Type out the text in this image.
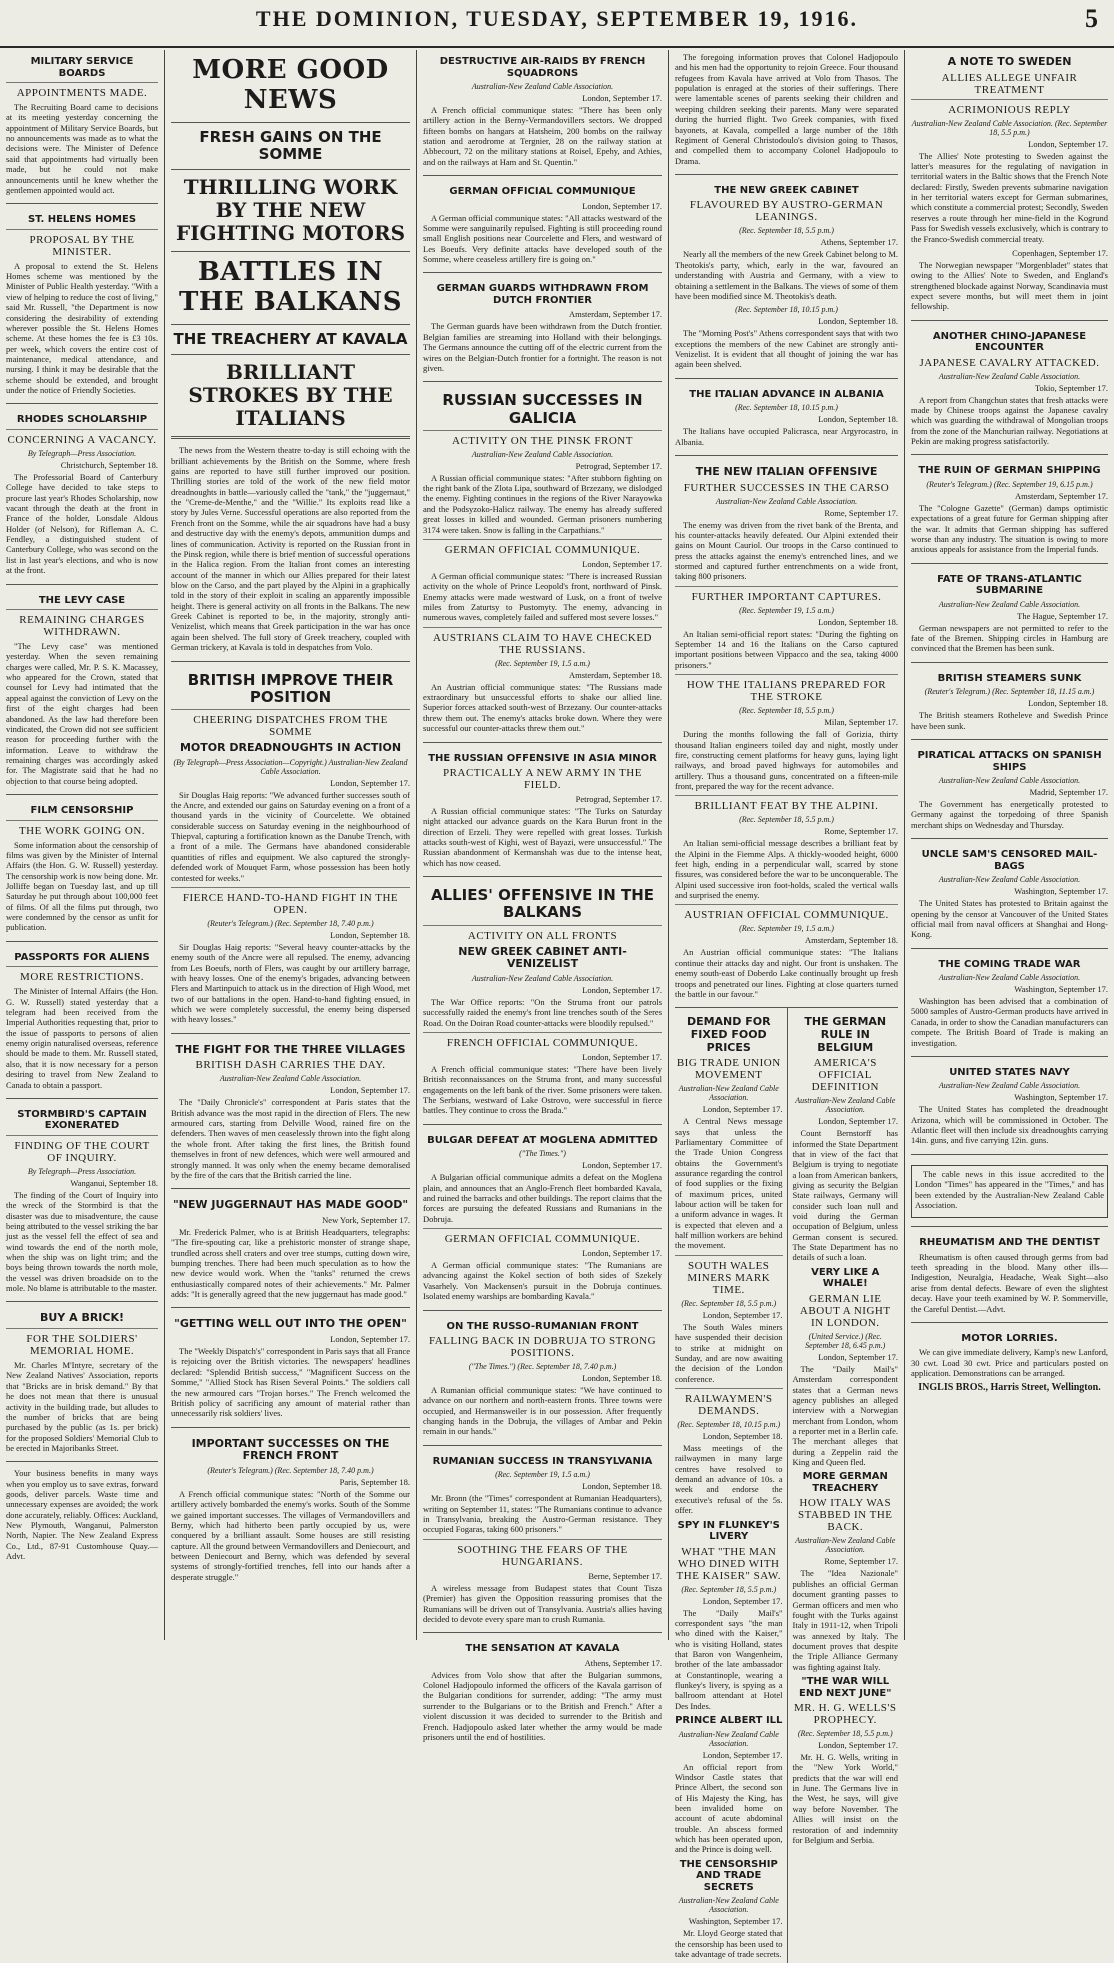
THE DOMINION, TUESDAY, SEPTEMBER 19, 1916.	5
MILITARY SERVICE BOARDS
APPOINTMENTS MADE.

The Recruiting Board came to decisions at its meeting yesterday concerning the appointment of Military Service Boards, but no announcements was made as to what the decisions were. The Minister of Defence said that appointments had virtually been made, but he could not make announcements until he knew whether the gentlemen appointed would act.

ST. HELENS HOMES
PROPOSAL BY THE MINISTER.

A proposal to extend the St. Helens Homes scheme was mentioned by the Minister of Public Health yesterday. "With a view of helping to reduce the cost of living," said Mr. Russell, "the Department is now considering the desirability of extending wherever possible the St. Helens Homes scheme. At these homes the fee is £3 10s. per week, which covers the entire cost of maintenance, medical attendance, and nursing. I think it may be desirable that the scheme should be extended, and brought under the notice of Friendly Societies.

RHODES SCHOLARSHIP
CONCERNING A VACANCY.
By Telegraph—Press Association.
Christchurch, September 18.

The Professorial Board of Canterbury College have decided to take steps to procure last year's Rhodes Scholarship, now vacant through the death at the front in France of the holder, Lonsdale Aldous Holder (of Nelson), for Rifleman A. C. Fendley, a distinguished student of Canterbury College, who was second on the list in last year's elections, and who is now at the front.

THE LEVY CASE
REMAINING CHARGES WITHDRAWN.

"The Levy case" was mentioned yesterday. When the seven remaining charges were called, Mr. P. S. K. Macassey, who appeared for the Crown, stated that counsel for Levy had intimated that the appeal against the conviction of Levy on the first of the eight charges had been abandoned. As the law had therefore been vindicated, the Crown did not see sufficient reason for proceeding further with the information. Leave to withdraw the remaining charges was accordingly asked for. The Magistrate said that he had no objection to that course being adopted.

FILM CENSORSHIP
THE WORK GOING ON.

Some information about the censorship of films was given by the Minister of Internal Affairs (the Hon. G. W. Russell) yesterday. The censorship work is now being done. Mr. Jolliffe began on Tuesday last, and up till Saturday he put through about 100,000 feet of films. Of all the films put through, two were condemned by the censor as unfit for publication.

PASSPORTS FOR ALIENS
MORE RESTRICTIONS.

The Minister of Internal Affairs (the Hon. G. W. Russell) stated yesterday that a telegram had been received from the Imperial Authorities requesting that, prior to the issue of passports to persons of alien enemy origin naturalised overseas, reference should be made to them. Mr. Russell stated, also, that it is now necessary for a person desiring to travel from New Zealand to Canada to obtain a passport.

STORMBIRD'S CAPTAIN EXONERATED
FINDING OF THE COURT OF INQUIRY.
By Telegraph—Press Association.
Wanganui, September 18.

The finding of the Court of Inquiry into the wreck of the Stormbird is that the disaster was due to misadventure, the cause being attributed to the vessel striking the bar just as the vessel fell the effect of sea and wind towards the end of the north mole, when the ship was on light trim; and the boys being thrown towards the north mole, the vessel was driven broadside on to the mole. No blame is attributable to the master.

BUY A BRICK!
FOR THE SOLDIERS' MEMORIAL HOME.

Mr. Charles M'Intyre, secretary of the New Zealand Natives' Association, reports that "Bricks are in brisk demand." By that he does not mean that there is unusual activity in the building trade, but alludes to the number of bricks that are being purchased by the public (as 1s. per brick) for the proposed Soldiers' Memorial Club to be erected in Majoribanks Street.

Your business benefits in many ways when you employ us to save extras, forward goods, deliver parcels. Waste time and unnecessary expenses are avoided; the work done accurately, reliably. Offices: Auckland, New Plymouth, Wanganui, Palmerston North, Napier. The New Zealand Express Co., Ltd., 87-91 Customhouse Quay.—Advt.

MORE GOOD NEWS
FRESH GAINS ON THE SOMME
THRILLING WORK BY THE NEW FIGHTING MOTORS
BATTLES IN THE BALKANS
THE TREACHERY AT KAVALA
BRILLIANT STROKES BY THE ITALIANS

The news from the Western theatre to-day is still echoing with the brilliant achievements by the British on the Somme, where fresh gains are reported to have still further improved our position. Thrilling stories are told of the work of the new field motor dreadnoughts in battle—variously called the "tank," the "juggernaut," the "Creme-de-Menthe," and the "Willie." Its exploits read like a story by Jules Verne. Successful operations are also reported from the French front on the Somme, while the air squadrons have had a busy and destructive day with the enemy's depots, ammunition dumps and lines of communication. Activity is reported on the Russian front in the Pinsk region, while there is brief mention of successful operations in the Halica region. From the Italian front comes an interesting account of the manner in which our Allies prepared for their latest blow on the Carso, and the part played by the Alpini in a graphically told in the story of their exploit in scaling an apparently impossible height. There is general activity on all fronts in the Balkans. The new Greek Cabinet is reported to be, in the majority, strongly anti-Venizelist, which means that Greek participation in the war has once again been shelved. The full story of Greek treachery, coupled with German trickery, at Kavala is told in despatches from Volo.

BRITISH IMPROVE THEIR POSITION
CHEERING DISPATCHES FROM THE SOMME
MOTOR DREADNOUGHTS IN ACTION
(By Telegraph—Press Association—Copyright.) Australian-New Zealand Cable Association.
London, September 17.

Sir Douglas Haig reports: "We advanced further successes south of the Ancre, and extended our gains on Saturday evening on a front of a thousand yards in the vicinity of Courcelette. We obtained considerable success on Saturday evening in the neighbourhood of Thiepval, capturing a fortification known as the Danube Trench, with a front of a mile. The Germans have abandoned considerable quantities of rifles and equipment. We also captured the strongly-defended work of Mouquet Farm, whose possession has been hotly contested for weeks."

FIERCE HAND-TO-HAND FIGHT IN THE OPEN.
(Reuter's Telegram.) (Rec. September 18, 7.40 p.m.)
London, September 18.

Sir Douglas Haig reports: "Several heavy counter-attacks by the enemy south of the Ancre were all repulsed. The enemy, advancing from Les Boeufs, north of Flers, was caught by our artillery barrage, with heavy losses. One of the enemy's brigades, advancing between Flers and Martinpuich to attack us in the direction of High Wood, met two of our battalions in the open. Hand-to-hand fighting ensued, in which we were completely successful, the enemy being dispersed with heavy losses."

THE FIGHT FOR THE THREE VILLAGES
BRITISH DASH CARRIES THE DAY.
Australian-New Zealand Cable Association.
London, September 17.

The "Daily Chronicle's" correspondent at Paris states that the British advance was the most rapid in the direction of Flers. The new armoured cars, starting from Delville Wood, rained fire on the defenders. Then waves of men ceaselessly thrown into the fight along the whole front. After taking the first lines, the British found themselves in front of new defences, which were well armoured and strongly manned. It was only when the enemy became demoralised by the fire of the cars that the British carried the line.

"NEW JUGGERNAUT HAS MADE GOOD"
New York, September 17.

Mr. Frederick Palmer, who is at British Headquarters, telegraphs: "The fire-spouting car, like a prehistoric monster of strange shape, trundled across shell craters and over tree stumps, cutting down wire, bumping trenches. There had been much speculation as to how the new device would work. When the "tanks" returned the crews enthusiastically compared notes of their achievements." Mr. Palmer adds: "It is generally agreed that the new juggernaut has made good."

"GETTING WELL OUT INTO THE OPEN"
London, September 17.

The "Weekly Dispatch's" correspondent in Paris says that all France is rejoicing over the British victories. The newspapers' headlines declared: "Splendid British success," "Magnificent Success on the Somme," "Allied Stock has Risen Several Points." The soldiers call the new armoured cars "Trojan horses." The French welcomed the British policy of sacrificing any amount of material rather than unnecessarily risk soldiers' lives.

IMPORTANT SUCCESSES ON THE FRENCH FRONT
(Reuter's Telegram.) (Rec. September 18, 7.40 p.m.)
Paris, September 18.

A French official communique states: "North of the Somme our artillery actively bombarded the enemy's works. South of the Somme we gained important successes. The villages of Vermandovillers and Berny, which had hitherto been partly occupied by us, were conquered by a brilliant assault. Some houses are still resisting capture. All the ground between Vermandovillers and Deniecourt, and between Deniecourt and Berny, which was defended by several systems of strongly-fortified trenches, fell into our hands after a desperate struggle."

DESTRUCTIVE AIR-RAIDS BY FRENCH SQUADRONS
Australian-New Zealand Cable Association.
London, September 17.

A French official communique states: "There has been only artillery action in the Berny-Vermandovillers sectors. We dropped fifteen bombs on hangars at Hatsheim, 200 bombs on the railway station and aerodrome at Tergnier, 28 on the railway station at Abbecourt, 72 on the military stations at Roisel, Epehy, and Athies, and on the railways at Ham and St. Quentin."

GERMAN OFFICIAL COMMUNIQUE
London, September 17.

A German official communique states: "All attacks westward of the Somme were sanguinarily repulsed. Fighting is still proceeding round small English positions near Courcelette and Flers, and westward of Les Boeufs. Very definite attacks have developed south of the Somme, where ceaseless artillery fire is going on."

GERMAN GUARDS WITHDRAWN FROM DUTCH FRONTIER
Amsterdam, September 17.

The German guards have been withdrawn from the Dutch frontier. Belgian families are streaming into Holland with their belongings. The Germans announce the cutting off of the electric current from the wires on the Belgian-Dutch frontier for a fortnight. The reason is not given.

RUSSIAN SUCCESSES IN GALICIA
ACTIVITY ON THE PINSK FRONT
Australian-New Zealand Cable Association.
Petrograd, September 17.

A Russian official communique states: "After stubborn fighting on the right bank of the Zlota Lipa, southward of Brzezany, we dislodged the enemy. Fighting continues in the regions of the River Narayowka and the Podsyzoko-Halicz railway. The enemy has already suffered great losses in killed and wounded. German prisoners numbering 3174 were taken. Snow is falling in the Carpathians."

GERMAN OFFICIAL COMMUNIQUE.
London, September 17.

A German official communique states: "There is increased Russian activity on the whole of Prince Leopold's front, northward of Pinsk. Enemy attacks were made westward of Lusk, on a front of twelve miles from Zaturtsy to Pustomyty. The enemy, advancing in numerous waves, completely failed and suffered most severe losses."

AUSTRIANS CLAIM TO HAVE CHECKED THE RUSSIANS.
(Rec. September 19, 1.5 a.m.)
Amsterdam, September 18.

An Austrian official communique states: "The Russians made extraordinary but unsuccessful efforts to shake our allied line. Superior forces attacked south-west of Brzezany. Our counter-attacks threw them out. The enemy's attacks broke down. Where they were successful our counter-attacks threw them out."

THE RUSSIAN OFFENSIVE IN ASIA MINOR
PRACTICALLY A NEW ARMY IN THE FIELD.
Petrograd, September 17.

A Russian official communique states: "The Turks on Saturday night attacked our advance guards on the Kara Burun front in the direction of Erzeli. They were repelled with great losses. Turkish attacks south-west of Kighi, west of Bayazi, were unsuccessful." The Russian abandonment of Kermanshah was due to the intense heat, which has now ceased.

ALLIES' OFFENSIVE IN THE BALKANS
ACTIVITY ON ALL FRONTS
NEW GREEK CABINET ANTI-VENIZELIST
Australian-New Zealand Cable Association.
London, September 17.

The War Office reports: "On the Struma front our patrols successfully raided the enemy's front line trenches south of the Seres Road. On the Doiran Road counter-attacks were bloodily repulsed."

FRENCH OFFICIAL COMMUNIQUE.
London, September 17.

A French official communique states: "There have been lively British reconnaissances on the Struma front, and many successful engagements on the left bank of the river. Some prisoners were taken. The Serbians, westward of Lake Ostrovo, were successful in fierce battles. They continue to cross the Brada."

BULGAR DEFEAT AT MOGLENA ADMITTED
("The Times.")
London, September 17.

A Bulgarian official communique admits a defeat on the Moglena plain, and announces that an Anglo-French fleet bombarded Kavala, and ruined the barracks and other buildings. The report claims that the forces are pursuing the defeated Russians and Rumanians in the Dobruja.

GERMAN OFFICIAL COMMUNIQUE.
London, September 17.

A German official communique states: "The Rumanians are advancing against the Kokel section of both sides of Szekely Vasarhely. Von Mackensen's pursuit in the Dobruja continues. Isolated enemy warships are bombarding Kavala."

ON THE RUSSO-RUMANIAN FRONT
FALLING BACK IN DOBRUJA TO STRONG POSITIONS.
("The Times.") (Rec. September 18, 7.40 p.m.)
London, September 18.

A Rumanian official communique states: "We have continued to advance on our northern and north-eastern fronts. Three towns were occupied, and Hermansweiler is in our possession. After frequently changing hands in the Dobruja, the villages of Ambar and Pekin remain in our hands."

RUMANIAN SUCCESS IN TRANSYLVANIA
(Rec. September 19, 1.5 a.m.)
London, September 18.

Mr. Bronn (the "Times" correspondent at Rumanian Headquarters), writing on September 11, states: "The Rumanians continue to advance in Transylvania, breaking the Austro-German resistance. They occupied Fogaras, taking 600 prisoners."

SOOTHING THE FEARS OF THE HUNGARIANS.
Berne, September 17.

A wireless message from Budapest states that Count Tisza (Premier) has given the Opposition reassuring promises that the Rumanians will be driven out of Transylvania. Austria's allies having decided to devote every spare man to crush Rumania.

THE SENSATION AT KAVALA
Athens, September 17.

Advices from Volo show that after the Bulgarian summons, Colonel Hadjopoulo informed the officers of the Kavala garrison of the Bulgarian conditions for surrender, adding: "The army must surrender to the Bulgarians or to the British and French." After a violent discussion it was decided to surrender to the British and French. Hadjopoulo asked later whether the army would be made prisoners until the end of hostilities.

The foregoing information proves that Colonel Hadjopoulo and his men had the opportunity to rejoin Greece. Four thousand refugees from Kavala have arrived at Volo from Thasos. The population is enraged at the stories of their sufferings. There were lamentable scenes of parents seeking their children and weeping children seeking their parents. Many were separated during the hurried flight. Two Greek companies, with fixed bayonets, at Kavala, compelled a large number of the 18th Regiment of General Christodoulo's division going to Thasos, and compelled them to accompany Colonel Hadjopoulo to Drama.

THE NEW GREEK CABINET
FLAVOURED BY AUSTRO-GERMAN LEANINGS.
(Rec. September 18, 5.5 p.m.)
Athens, September 17.

Nearly all the members of the new Greek Cabinet belong to M. Theotokis's party, which, early in the war, favoured an understanding with Austria and Germany, with a view to obtaining a settlement in the Balkans. The views of some of them have been modified since M. Theotokis's death.

(Rec. September 18, 10.15 p.m.)
London, September 18.

The "Morning Post's" Athens correspondent says that with two exceptions the members of the new Cabinet are strongly anti-Venizelist. It is evident that all thought of joining the war has again been shelved.

THE ITALIAN ADVANCE IN ALBANIA
(Rec. September 18, 10.15 p.m.)
London, September 18.

The Italians have occupied Palicrasca, near Argyrocastro, in Albania.

THE NEW ITALIAN OFFENSIVE
FURTHER SUCCESSES IN THE CARSO
Australian-New Zealand Cable Association.
Rome, September 17.

The enemy was driven from the rivet bank of the Brenta, and his counter-attacks heavily defeated. Our Alpini extended their gains on Mount Cauriol. Our troops in the Carso continued to press the attacks against the enemy's entrenched lines, and we stormed and captured further entrenchments on a wide front, taking 800 prisoners.

FURTHER IMPORTANT CAPTURES.
(Rec. September 19, 1.5 a.m.)
London, September 18.

An Italian semi-official report states: "During the fighting on September 14 and 16 the Italians on the Carso captured important positions between Vippacco and the sea, taking 4000 prisoners."

HOW THE ITALIANS PREPARED FOR THE STROKE
(Rec. September 18, 5.5 p.m.)
Milan, September 17.

During the months following the fall of Gorizia, thirty thousand Italian engineers toiled day and night, mostly under fire, constructing cement platforms for heavy guns, laying light railways, and broad paved highways for automobiles and artillery. Thus a thousand guns, concentrated on a fifteen-mile front, prepared the way for the recent advance.

BRILLIANT FEAT BY THE ALPINI.
(Rec. September 18, 5.5 p.m.)
Rome, September 17.

An Italian semi-official message describes a brilliant feat by the Alpini in the Fiemme Alps. A thickly-wooded height, 6000 feet high, ending in a perpendicular wall, scarred by stone fissures, was considered before the war to be unconquerable. The Alpini used successive iron foot-holds, scaled the vertical walls and surprised the enemy.

AUSTRIAN OFFICIAL COMMUNIQUE.
(Rec. September 19, 1.5 a.m.)
Amsterdam, September 18.

An Austrian official communique states: "The Italians continue their attacks day and night. Our front is unshaken. The enemy south-east of Doberdo Lake continually brought up fresh troops and penetrated our lines. Fighting at close quarters turned the battle in our favour."

DEMAND FOR FIXED FOOD PRICES
BIG TRADE UNION MOVEMENT
Australian-New Zealand Cable Association.
London, September 17.

A Central News message says that unless the Parliamentary Committee of the Trade Union Congress obtains the Government's assurance regarding the control of food supplies or the fixing of maximum prices, united labour action will be taken for a uniform advance in wages. It is expected that eleven and a half million workers are behind the movement.

SOUTH WALES MINERS MARK TIME.
(Rec. September 18, 5.5 p.m.)
London, September 17.

The South Wales miners have suspended their decision to strike at midnight on Sunday, and are now awaiting the decision of the London conference.

RAILWAYMEN'S DEMANDS.
(Rec. September 18, 10.15 p.m.)
London, September 18.

Mass meetings of the railwaymen in many large centres have resolved to demand an advance of 10s. a week and endorse the executive's refusal of the 5s. offer.

SPY IN FLUNKEY'S LIVERY
WHAT "THE MAN WHO DINED WITH THE KAISER" SAW.
(Rec. September 18, 5.5 p.m.)
London, September 17.

The "Daily Mail's" correspondent says "the man who dined with the Kaiser," who is visiting Holland, states that Baron von Wangenheim, brother of the late ambassador at Constantinople, wearing a flunkey's livery, is spying as a ballroom attendant at Hotel Des Indes.

PRINCE ALBERT ILL
Australian-New Zealand Cable Association.
London, September 17.

An official report from Windsor Castle states that Prince Albert, the second son of His Majesty the King, has been invalided home on account of acute abdominal trouble. An abscess formed which has been operated upon, and the Prince is doing well.

THE CENSORSHIP AND TRADE SECRETS
Australian-New Zealand Cable Association.
Washington, September 17.

Mr. Lloyd George stated that the censorship has been used to take advantage of trade secrets.

THE GERMAN RULE IN BELGIUM
AMERICA'S OFFICIAL DEFINITION
Australian-New Zealand Cable Association.
London, September 17.

Count Bernstorff has informed the State Department that in view of the fact that Belgium is trying to negotiate a loan from American bankers, giving as security the Belgian State railways, Germany will consider such loan null and void during the German occupation of Belgium, unless German consent is secured. The State Department has no details of such a loan.

VERY LIKE A WHALE!
GERMAN LIE ABOUT A NIGHT IN LONDON.
(United Service.) (Rec. September 18, 6.45 p.m.)
London, September 17.

The "Daily Mail's" Amsterdam correspondent states that a German news agency publishes an alleged interview with a Norwegian merchant from London, whom a reporter met in a Berlin cafe. The merchant alleges that during a Zeppelin raid the King and Queen fled.

MORE GERMAN TREACHERY
HOW ITALY WAS STABBED IN THE BACK.
Australian-New Zealand Cable Association.
Rome, September 17.

The "Idea Nazionale" publishes an official German document granting passes to German officers and men who fought with the Turks against Italy in 1911-12, when Tripoli was annexed by Italy. The document proves that despite the Triple Alliance Germany was fighting against Italy.

"THE WAR WILL END NEXT JUNE"
MR. H. G. WELLS'S PROPHECY.
(Rec. September 18, 5.5 p.m.)
London, September 17.

Mr. H. G. Wells, writing in the "New York World," predicts that the war will end in June. The Germans live in the West, he says, will give way before November. The Allies will insist on the restoration of and indemnity for Belgium and Serbia.

A NOTE TO SWEDEN
ALLIES ALLEGE UNFAIR TREATMENT
ACRIMONIOUS REPLY
Australian-New Zealand Cable Association. (Rec. September 18, 5.5 p.m.)
London, September 17.

The Allies' Note protesting to Sweden against the latter's measures for the regulating of navigation in territorial waters in the Baltic shows that the French Note declared: Firstly, Sweden prevents submarine navigation in her territorial waters except for German submarines, which constitute a commercial protest; Secondly, Sweden reserves a route through her mine-field in the Kogrund Pass for Swedish vessels exclusively, which is contrary to the Franco-Swedish commercial treaty.

Copenhagen, September 17.

The Norwegian newspaper "Morgenbladet" states that owing to the Allies' Note to Sweden, and England's strengthened blockade against Norway, Scandinavia must expect severe months, but will meet them in joint fellowship.

ANOTHER CHINO-JAPANESE ENCOUNTER
JAPANESE CAVALRY ATTACKED.
Australian-New Zealand Cable Association.
Tokio, September 17.

A report from Changchun states that fresh attacks were made by Chinese troops against the Japanese cavalry which was guarding the withdrawal of Mongolian troops from the zone of the Manchurian railway. Negotiations at Pekin are making progress satisfactorily.

THE RUIN OF GERMAN SHIPPING
(Reuter's Telegram.) (Rec. September 19, 6.15 p.m.)
Amsterdam, September 17.

The "Cologne Gazette" (German) damps optimistic expectations of a great future for German shipping after the war. It admits that German shipping has suffered worse than any industry. The situation is owing to more anxious appeals for assistance from the Imperial funds.

FATE OF TRANS-ATLANTIC SUBMARINE
Australian-New Zealand Cable Association.
The Hague, September 17.

German newspapers are not permitted to refer to the fate of the Bremen. Shipping circles in Hamburg are convinced that the Bremen has been sunk.

BRITISH STEAMERS SUNK
(Reuter's Telegram.) (Rec. September 18, 11.15 a.m.)
London, September 18.

The British steamers Rotheleve and Swedish Prince have been sunk.

PIRATICAL ATTACKS ON SPANISH SHIPS
Australian-New Zealand Cable Association.
Madrid, September 17.

The Government has energetically protested to Germany against the torpedoing of three Spanish merchant ships on Wednesday and Thursday.

UNCLE SAM'S CENSORED MAIL-BAGS
Australian-New Zealand Cable Association.
Washington, September 17.

The United States has protested to Britain against the opening by the censor at Vancouver of the United States official mail from naval officers at Shanghai and Hong-Kong.

THE COMING TRADE WAR
Australian-New Zealand Cable Association.
Washington, September 17.

Washington has been advised that a combination of 5000 samples of Austro-German products have arrived in Canada, in order to show the Canadian manufacturers can compete. The British Board of Trade is making an investigation.

UNITED STATES NAVY
Australian-New Zealand Cable Association.
Washington, September 17.

The United States has completed the dreadnought Arizona, which will be commissioned in October. The Atlantic fleet will then include six dreadnoughts carrying 14in. guns, and five carrying 12in. guns.

The cable news in this issue accredited to the London "Times" has appeared in the "Times," and has been extended by the Australian-New Zealand Cable Association.

RHEUMATISM AND THE DENTIST

Rheumatism is often caused through germs from bad teeth spreading in the blood. Many other ills—Indigestion, Neuralgia, Headache, Weak Sight—also arise from dental defects. Beware of even the slightest decay. Have your teeth examined by W. P. Sommerville, the Careful Dentist.—Advt.

MOTOR LORRIES.

We can give immediate delivery, Kamp's new Lanford, 30 cwt. Load 30 cwt. Price and particulars posted on application. Demonstrations can be arranged.

INGLIS BROS., Harris Street, Wellington.
